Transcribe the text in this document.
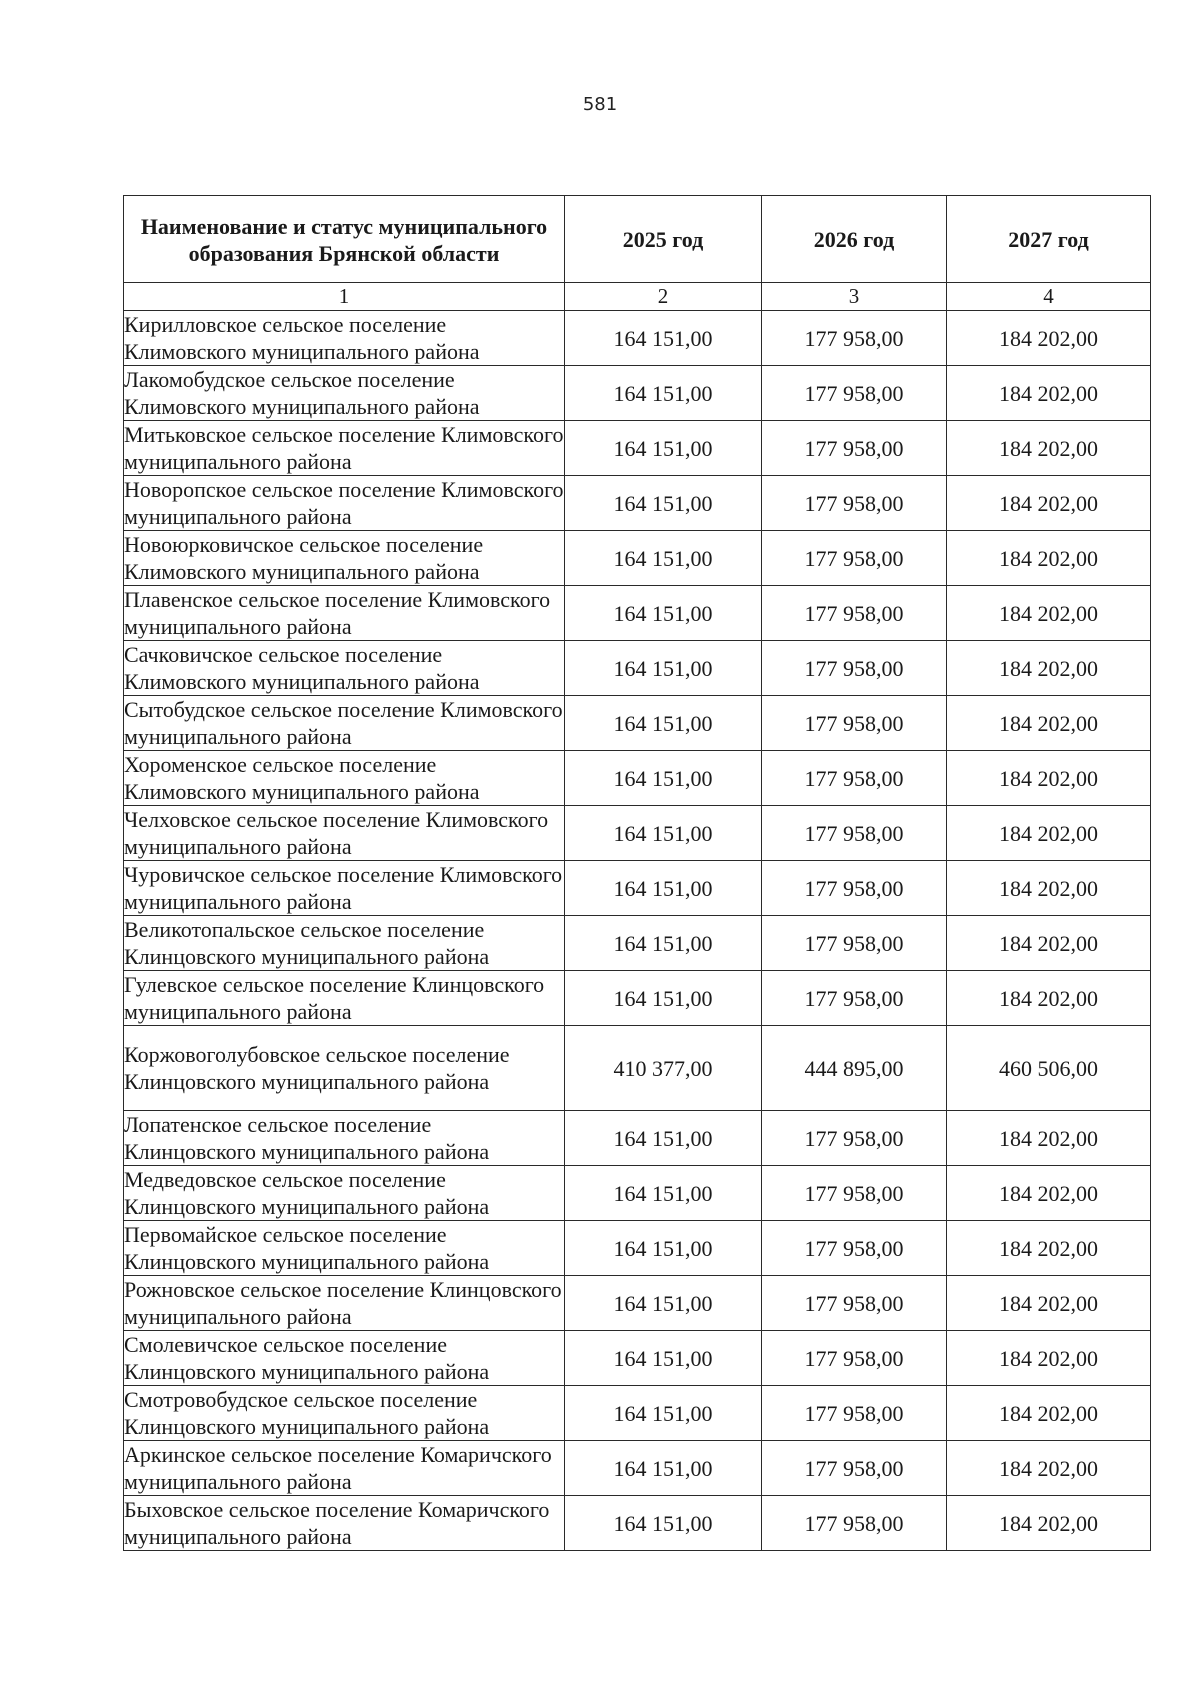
581
Наименование и статус муниципального образования Брянской области	2025 год	2026 год	2027 год
1	2	3	4
Кирилловское сельское поселение Климовского муниципального района	164 151,00	177 958,00	184 202,00
Лакомобудское сельское поселение Климовского муниципального района	164 151,00	177 958,00	184 202,00
Митьковское сельское поселение Климовского муниципального района	164 151,00	177 958,00	184 202,00
Новоропское сельское поселение Климовского муниципального района	164 151,00	177 958,00	184 202,00
Новоюрковичское сельское поселение Климовского муниципального района	164 151,00	177 958,00	184 202,00
Плавенское сельское поселение Климовского муниципального района	164 151,00	177 958,00	184 202,00
Сачковичское сельское поселение Климовского муниципального района	164 151,00	177 958,00	184 202,00
Сытобудское сельское поселение Климовского муниципального района	164 151,00	177 958,00	184 202,00
Хороменское сельское поселение Климовского муниципального района	164 151,00	177 958,00	184 202,00
Челховское сельское поселение Климовского муниципального района	164 151,00	177 958,00	184 202,00
Чуровичское сельское поселение Климовского муниципального района	164 151,00	177 958,00	184 202,00
Великотопальское сельское поселение Клинцовского муниципального района	164 151,00	177 958,00	184 202,00
Гулевское сельское поселение Клинцовского муниципального района	164 151,00	177 958,00	184 202,00
Коржовоголубовское сельское поселение Клинцовского муниципального района	410 377,00	444 895,00	460 506,00
Лопатенское сельское поселение Клинцовского муниципального района	164 151,00	177 958,00	184 202,00
Медведовское сельское поселение Клинцовского муниципального района	164 151,00	177 958,00	184 202,00
Первомайское сельское поселение Клинцовского муниципального района	164 151,00	177 958,00	184 202,00
Рожновское сельское поселение Клинцовского муниципального района	164 151,00	177 958,00	184 202,00
Смолевичское сельское поселение Клинцовского муниципального района	164 151,00	177 958,00	184 202,00
Смотровобудское сельское поселение Клинцовского муниципального района	164 151,00	177 958,00	184 202,00
Аркинское сельское поселение Комаричского муниципального района	164 151,00	177 958,00	184 202,00
Быховское сельское поселение Комаричского муниципального района	164 151,00	177 958,00	184 202,00
